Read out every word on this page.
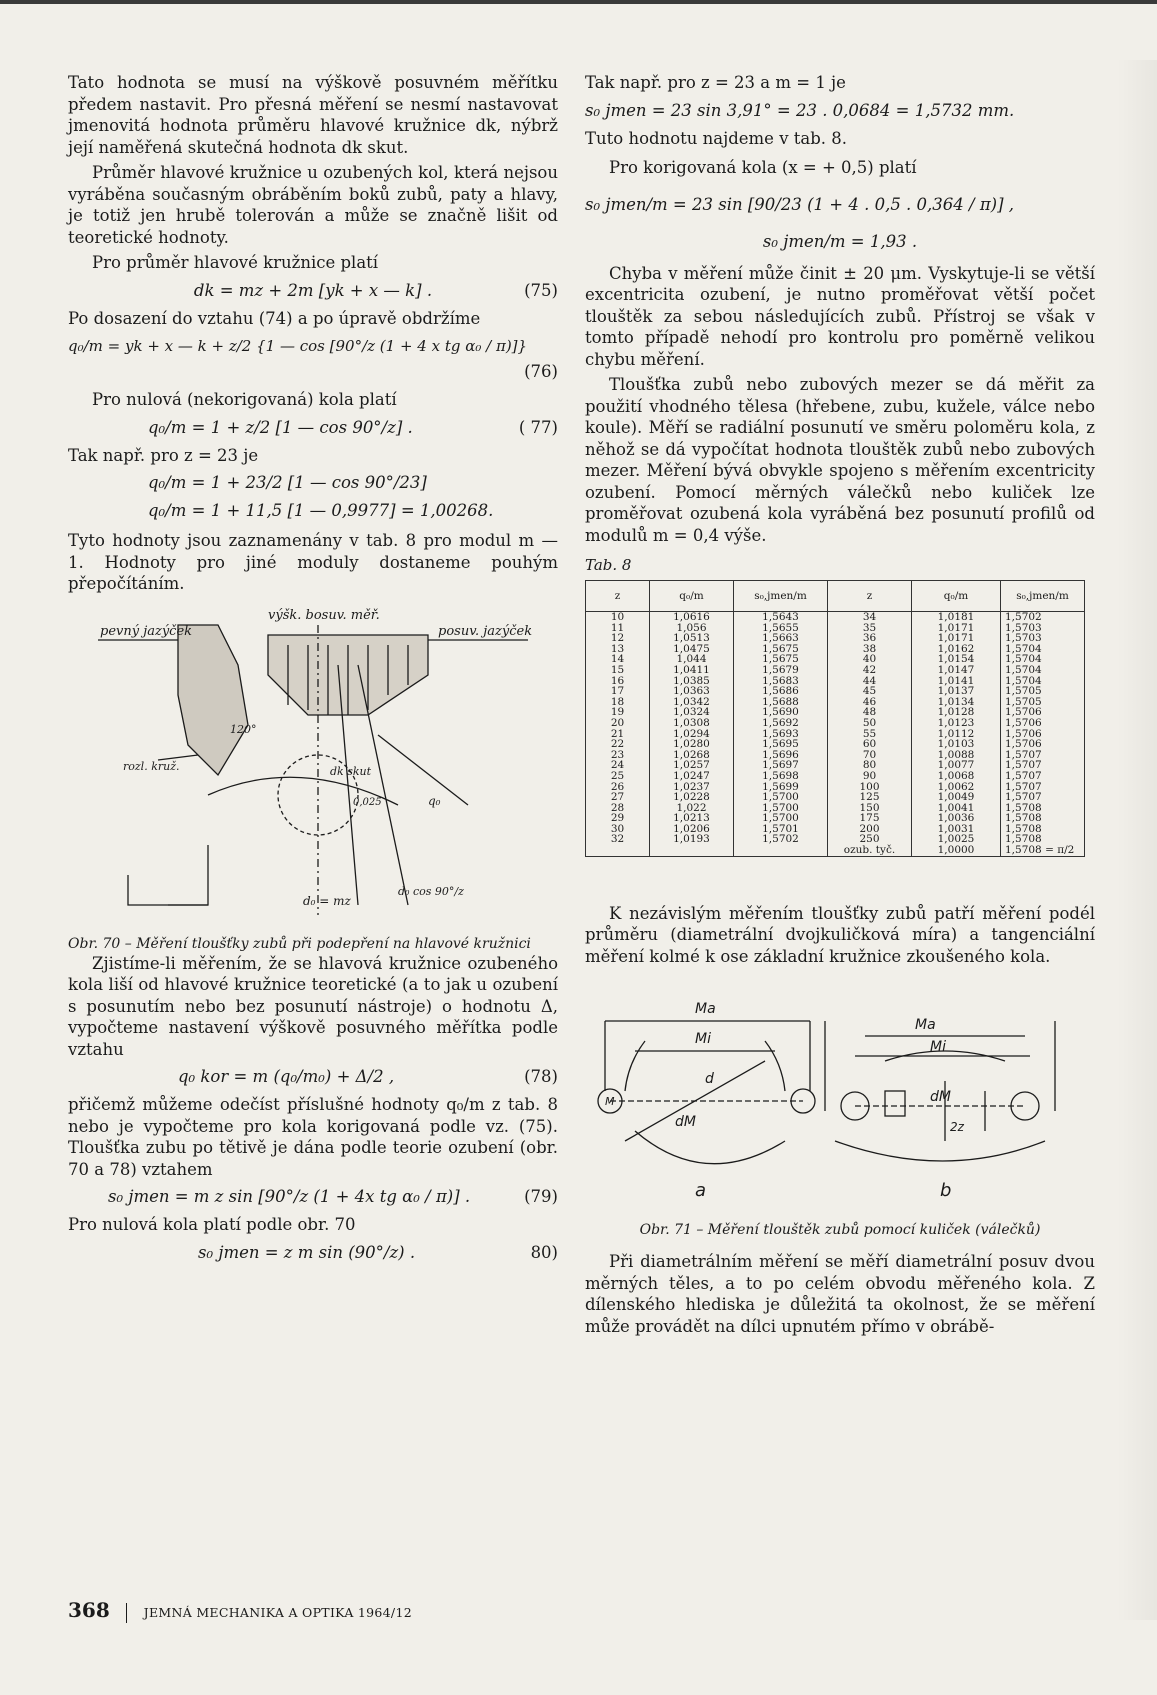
Tato hodnota se musí na výškově posuvném měřítku předem nastavit. Pro přesná měření se nesmí nastavovat jmenovitá hodnota průměru hlavové kružnice dk, nýbrž její naměřená skutečná hodnota dk skut.

Průměr hlavové kružnice u ozubených kol, která nejsou vyráběna současným obráběním boků zubů, paty a hlavy, je totiž jen hrubě tolerován a může se značně lišit od teoretické hodnoty.

Pro průměr hlavové kružnice platí

dk = mz + 2m [yk + x — k] .	(75)

Po dosazení do vztahu (74) a po úpravě obdržíme

q₀/m = yk + x — k + z/2 {1 — cos [90°/z (1 + 4 x tg α₀ / π)]}
(76)

Pro nulová (nekorigovaná) kola platí

q₀/m = 1 + z/2 [1 — cos 90°/z] .	( 77)

Tak např. pro z = 23 je

q₀/m = 1 + 23/2 [1 — cos 90°/23]
q₀/m = 1 + 11,5 [1 — 0,9977] = 1,00268.

Tyto hodnoty jsou zaznamenány v tab. 8 pro modul m — 1. Hodnoty pro jiné moduly dostaneme pouhým přepočítáním.

pevný jazýček
výšk. bosuv. měř.
posuv. jazýček
rozl. kruž.	dk skut
d₀ = mz
d₀ cos 90°/z
q₀
120°
0,025
Obr. 70 – Měření tloušťky zubů při podepření na hlavové kružnici

Zjistíme-li měřením, že se hlavová kružnice ozubeného kola liší od hlavové kružnice teoretické (a to jak u ozubení s posunutím nebo bez posunutí nástroje) o hodnotu Δ, vypočteme nastavení výškově posuvného měřítka podle vztahu

q₀ kor = m (q₀/m₀) + Δ/2 ,	(78)

přičemž můžeme odečíst příslušné hodnoty q₀/m z tab. 8 nebo je vypočteme pro kola korigovaná podle vz. (75). Tloušťka zubu po tětivě je dána podle teorie ozubení (obr. 70 a 78) vztahem

s₀ jmen = m z sin [90°/z (1 + 4x tg α₀ / π)] .	(79)

Pro nulová kola platí podle obr. 70

s₀ jmen = z m sin (90°/z) .	80)

Tak např. pro z = 23 a m = 1 je

s₀ jmen = 23 sin 3,91° = 23 . 0,0684 = 1,5732 mm.

Tuto hodnotu najdeme v tab. 8.

Pro korigovaná kola (x = + 0,5) platí

s₀ jmen/m = 23 sin [90/23 (1 + 4 . 0,5 . 0,364 / π)] ,
s₀ jmen/m = 1,93 .

Chyba v měření může činit ± 20 μm. Vyskytuje-li se větší excentricita ozubení, je nutno proměřovat větší počet tlouštěk za sebou následujících zubů. Přístroj se však v tomto případě nehodí pro kontrolu pro poměrně velikou chybu měření.

Tloušťka zubů nebo zubových mezer se dá měřit za použití vhodného tělesa (hřebene, zubu, kužele, válce nebo koule). Měří se radiální posunutí ve směru poloměru kola, z něhož se dá vypočítat hodnota tlouštěk zubů nebo zubových mezer. Měření bývá obvykle spojeno s měřením excentricity ozubení. Pomocí měrných válečků nebo kuliček lze proměřovat ozubená kola vyráběná bez posunutí profilů od modulů m = 0,4 výše.

Tab. 8
z	q₀/m	s₀,jmen/m	z	q₀/m	s₀,jmen/m
10	1,0616	1,5643	34	1,0181	1,5702
11	1,056	1,5655	35	1,0171	1,5703
12	1,0513	1,5663	36	1,0171	1,5703
13	1,0475	1,5675	38	1,0162	1,5704
14	1,044	1,5675	40	1,0154	1,5704
15	1,0411	1,5679	42	1,0147	1,5704
16	1,0385	1,5683	44	1,0141	1,5704
17	1,0363	1,5686	45	1,0137	1,5705
18	1,0342	1,5688	46	1,0134	1,5705
19	1,0324	1,5690	48	1,0128	1,5706
20	1,0308	1,5692	50	1,0123	1,5706
21	1,0294	1,5693	55	1,0112	1,5706
22	1,0280	1,5695	60	1,0103	1,5706
23	1,0268	1,5696	70	1,0088	1,5707
24	1,0257	1,5697	80	1,0077	1,5707
25	1,0247	1,5698	90	1,0068	1,5707
26	1,0237	1,5699	100	1,0062	1,5707
27	1,0228	1,5700	125	1,0049	1,5707
28	1,022	1,5700	150	1,0041	1,5708
29	1,0213	1,5700	175	1,0036	1,5708
30	1,0206	1,5701	200	1,0031	1,5708
32	1,0193	1,5702	250	1,0025	1,5708
			ozub. tyč.	1,0000	1,5708 = π/2

K nezávislým měřením tloušťky zubů patří měření podél průměru (diametrální dvojkuličková míra) a tangenciální měření kolmé k ose základní kružnice zkoušeného kola.

Ma
Mi
d
dM
M
Ma
Mi
dM
2z
a	b
Obr. 71 – Měření tlouštěk zubů pomocí kuliček (válečků)

Při diametrálním měření se měří diametrální posuv dvou měrných těles, a to po celém obvodu měřeného kola. Z dílenského hlediska je důležitá ta okolnost, že se měření může provádět na dílci upnutém přímo v obrábě-

368	JEMNÁ MECHANIKA A OPTIKA 1964/12
